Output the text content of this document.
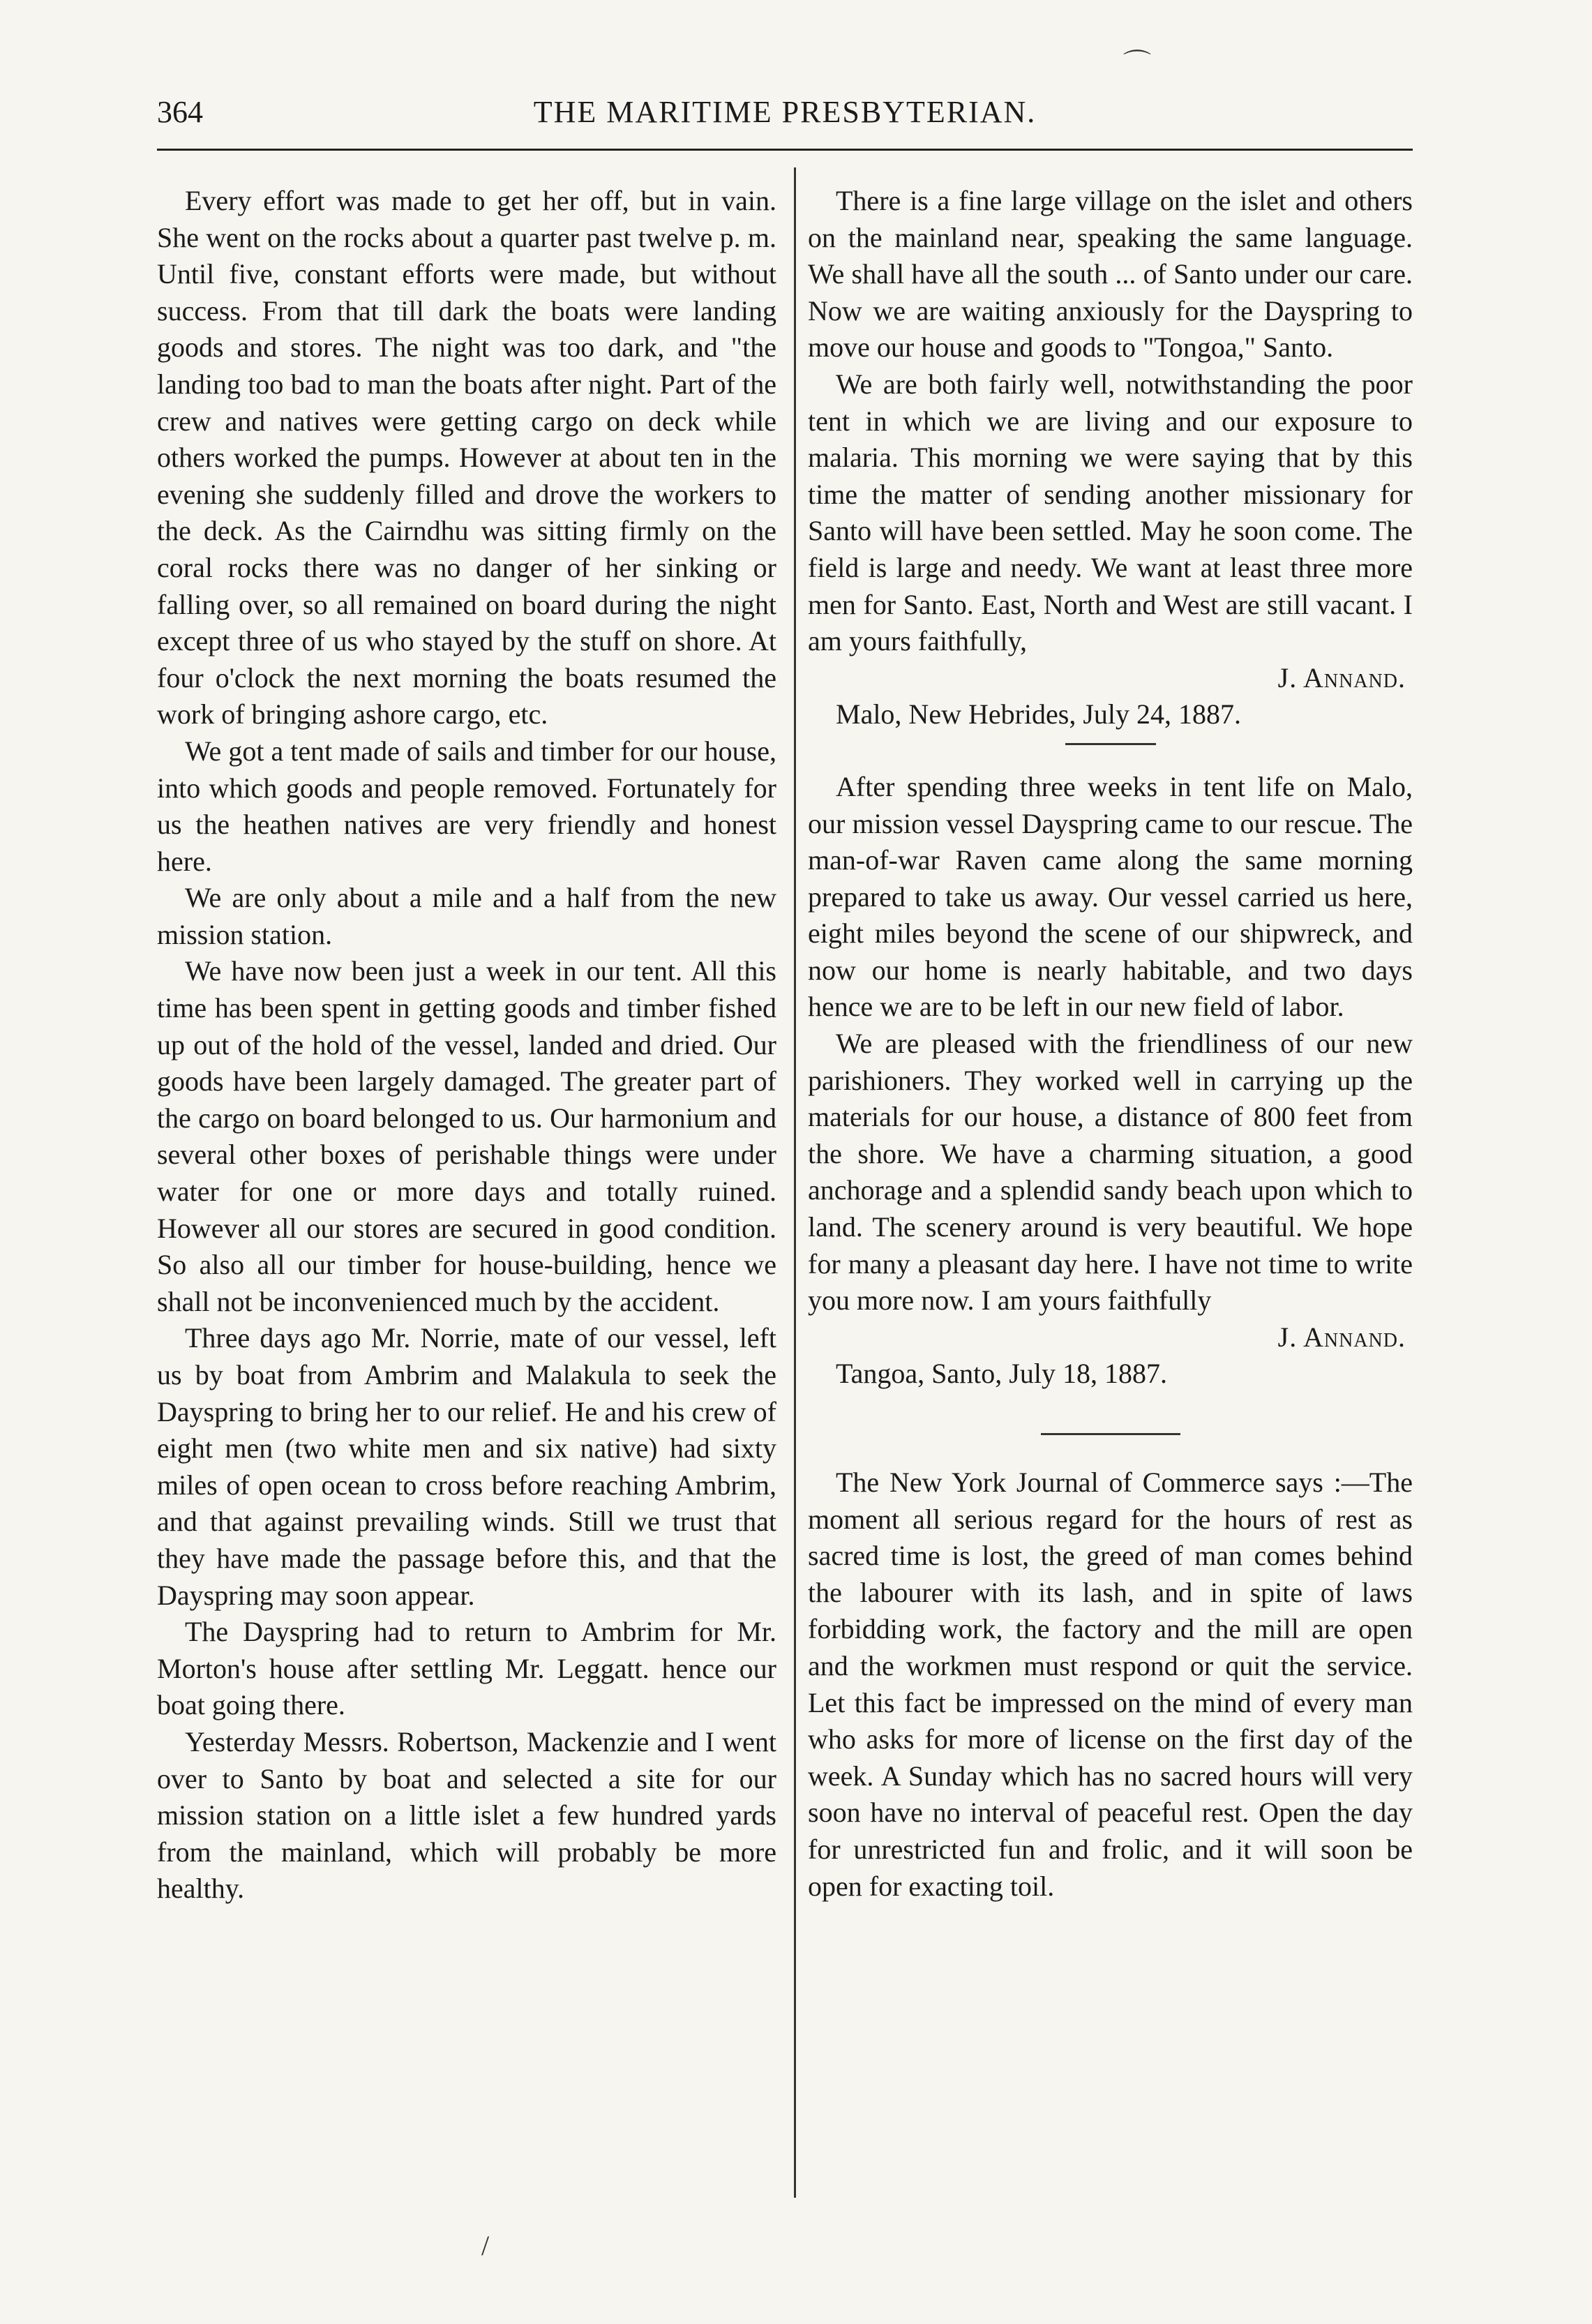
364	THE MARITIME PRESBYTERIAN.

Every effort was made to get her off, but in vain. She went on the rocks about a quarter past twelve p. m. Until five, constant efforts were made, but without success. From that till dark the boats were landing goods and stores. The night was too dark, and "the landing too bad to man the boats after night. Part of the crew and natives were getting cargo on deck while others worked the pumps. However at about ten in the evening she suddenly filled and drove the workers to the deck. As the Cairndhu was sitting firmly on the coral rocks there was no danger of her sinking or falling over, so all remained on board during the night except three of us who stayed by the stuff on shore. At four o'clock the next morning the boats resumed the work of bringing ashore cargo, etc.

We got a tent made of sails and timber for our house, into which goods and people removed. Fortunately for us the heathen natives are very friendly and honest here.

We are only about a mile and a half from the new mission station.

We have now been just a week in our tent. All this time has been spent in getting goods and timber fished up out of the hold of the vessel, landed and dried. Our goods have been largely damaged. The greater part of the cargo on board belonged to us. Our harmonium and several other boxes of perishable things were under water for one or more days and totally ruined. However all our stores are secured in good condition. So also all our timber for house-building, hence we shall not be inconvenienced much by the accident.

Three days ago Mr. Norrie, mate of our vessel, left us by boat from Ambrim and Malakula to seek the Dayspring to bring her to our relief. He and his crew of eight men (two white men and six native) had sixty miles of open ocean to cross before reaching Ambrim, and that against prevailing winds. Still we trust that they have made the passage before this, and that the Dayspring may soon appear.

The Dayspring had to return to Ambrim for Mr. Morton's house after settling Mr. Leggatt. hence our boat going there.

Yesterday Messrs. Robertson, Mackenzie and I went over to Santo by boat and selected a site for our mission station on a little islet a few hundred yards from the mainland, which will probably be more healthy.

There is a fine large village on the islet and others on the mainland near, speaking the same language. We shall have all the south ... of Santo under our care. Now we are waiting anxiously for the Dayspring to move our house and goods to "Tongoa," Santo.

We are both fairly well, notwithstanding the poor tent in which we are living and our exposure to malaria. This morning we were saying that by this time the matter of sending another missionary for Santo will have been settled. May he soon come. The field is large and needy. We want at least three more men for Santo. East, North and West are still vacant. I am yours faithfully,

J. Annand.

Malo, New Hebrides, July 24, 1887.

After spending three weeks in tent life on Malo, our mission vessel Dayspring came to our rescue. The man-of-war Raven came along the same morning prepared to take us away. Our vessel carried us here, eight miles beyond the scene of our shipwreck, and now our home is nearly habitable, and two days hence we are to be left in our new field of labor.

We are pleased with the friendliness of our new parishioners. They worked well in carrying up the materials for our house, a distance of 800 feet from the shore. We have a charming situation, a good anchorage and a splendid sandy beach upon which to land. The scenery around is very beautiful. We hope for many a pleasant day here. I have not time to write you more now. I am yours faithfully

J. Annand.

Tangoa, Santo, July 18, 1887.

The New York Journal of Commerce says :—The moment all serious regard for the hours of rest as sacred time is lost, the greed of man comes behind the labourer with its lash, and in spite of laws forbidding work, the factory and the mill are open and the workmen must respond or quit the service. Let this fact be impressed on the mind of every man who asks for more of license on the first day of the week. A Sunday which has no sacred hours will very soon have no interval of peaceful rest. Open the day for unrestricted fun and frolic, and it will soon be open for exacting toil.

⌒
/
